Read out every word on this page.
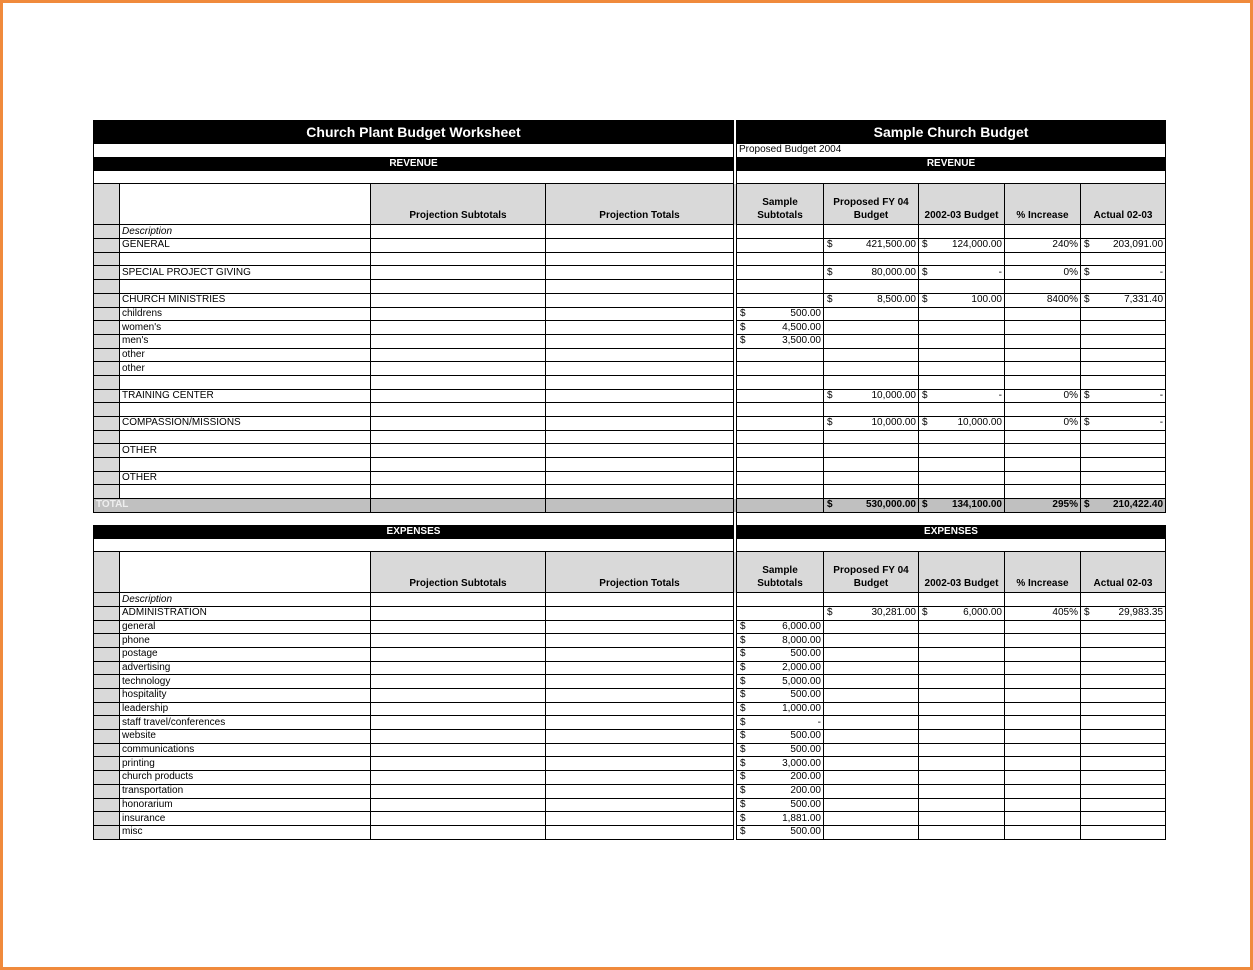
Church Plant Budget Worksheet					Sample Church Budget				
					Proposed Budget 2004				
REVENUE					REVENUE				

		Projection Subtotals	Projection Totals		Sample Subtotals	Proposed FY 04 Budget	2002-03 Budget	% Increase	Actual 02-03
	Description								
	GENERAL					$ 421,500.00	$ 124,000.00	240%	$ 203,091.00

	SPECIAL PROJECT GIVING					$ 80,000.00	$ -	0%	$ -

	CHURCH MINISTRIES					$ 8,500.00	$ 100.00	8400%	$ 7,331.40

	childrens				$ 500.00				

	women's				$ 4,500.00				

	men's				$ 3,500.00				

	other								
	other								

	TRAINING CENTER					$ 10,000.00	$ -	0%	$ -

	COMPASSION/MISSIONS					$ 10,000.00	$ 10,000.00	0%	$ -

	OTHER								

	OTHER								

TOTAL						$ 530,000.00	$ 134,100.00	295%	$ 210,422.40

EXPENSES					EXPENSES				

		Projection Subtotals	Projection Totals		Sample Subtotals	Proposed FY 04 Budget	2002-03 Budget	% Increase	Actual 02-03
	Description								
	ADMINISTRATION					$ 30,281.00	$ 6,000.00	405%	$ 29,983.35

	general				$ 6,000.00				

	phone				$ 8,000.00				

	postage				$ 500.00				

	advertising				$ 2,000.00				

	technology				$ 5,000.00				

	hospitality				$ 500.00				

	leadership				$ 1,000.00				

	staff travel/conferences				$ -				

	website				$ 500.00				

	communications				$ 500.00				

	printing				$ 3,000.00				

	church products				$ 200.00				

	transportation				$ 200.00				

	honorarium				$ 500.00				

	insurance				$ 1,881.00				

	misc				$ 500.00				
